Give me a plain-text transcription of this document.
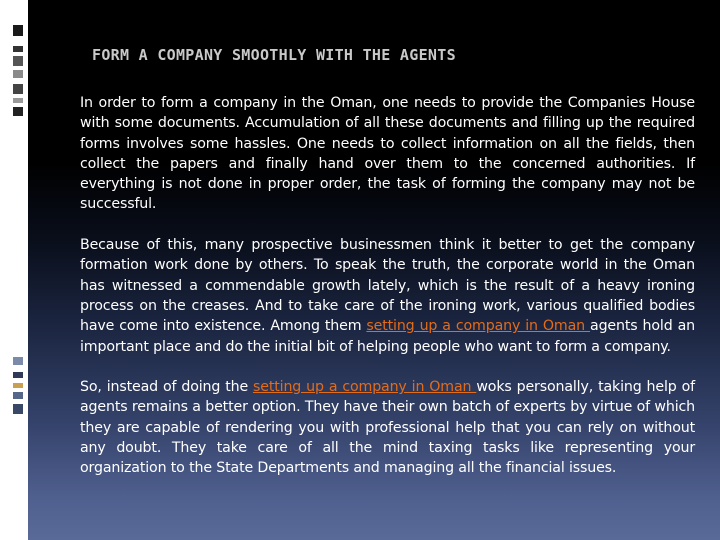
FORM A COMPANY SMOOTHLY WITH THE AGENTS

In order to form a company in the Oman, one needs to provide the Companies House with some documents. Accumulation of all these documents and filling up the required forms involves some hassles. One needs to collect information on all the fields, then collect the papers and finally hand over them to the concerned authorities. If everything is not done in proper order, the task of forming the company may not be successful.

Because of this, many prospective businessmen think it better to get the company formation work done by others. To speak the truth, the corporate world in the Oman has witnessed a commendable growth lately, which is the result of a heavy ironing process on the creases. And to take care of the ironing work, various qualified bodies have come into existence. Among them setting up a company in Oman agents hold an important place and do the initial bit of helping people who want to form a company.

So, instead of doing the setting up a company in Oman woks personally, taking help of agents remains a better option. They have their own batch of experts by virtue of which they are capable of rendering you with professional help that you can rely on without any doubt. They take care of all the mind taxing tasks like representing your organization to the State Departments and managing all the financial issues.
